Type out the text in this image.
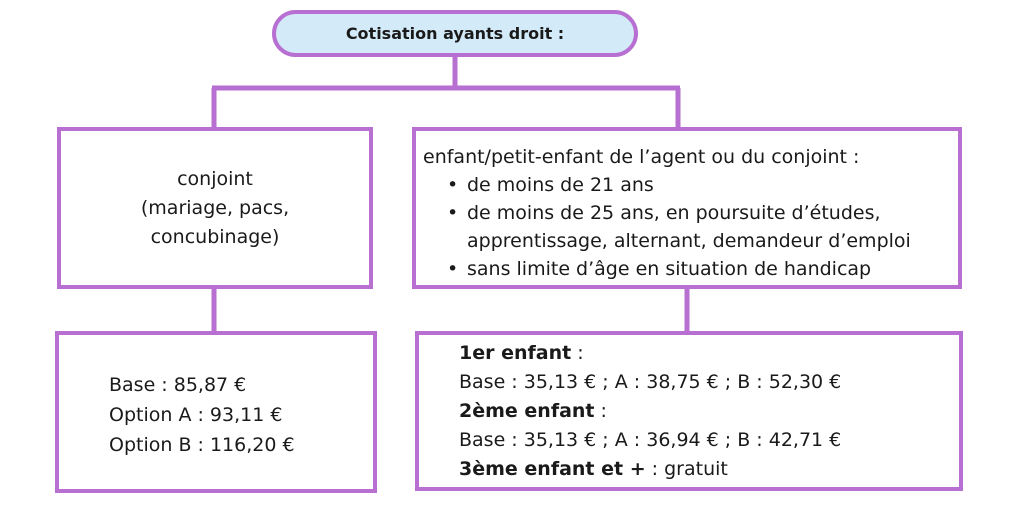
Cotisation ayants droit :
conjoint
(mariage, pacs,
concubinage)
enfant/petit-enfant de l’agent ou du conjoint :
• de moins de 21 ans
• de moins de 25 ans, en poursuite d’études,
apprentissage, alternant, demandeur d’emploi
• sans limite d’âge en situation de handicap
Base : 85,87 €
Option A : 93,11 €
Option B : 116,20 €
1er enfant :
Base : 35,13 € ; A : 38,75 € ; B : 52,30 €
2ème enfant :
Base : 35,13 € ; A : 36,94 € ; B : 42,71 €
3ème enfant et + : gratuit
